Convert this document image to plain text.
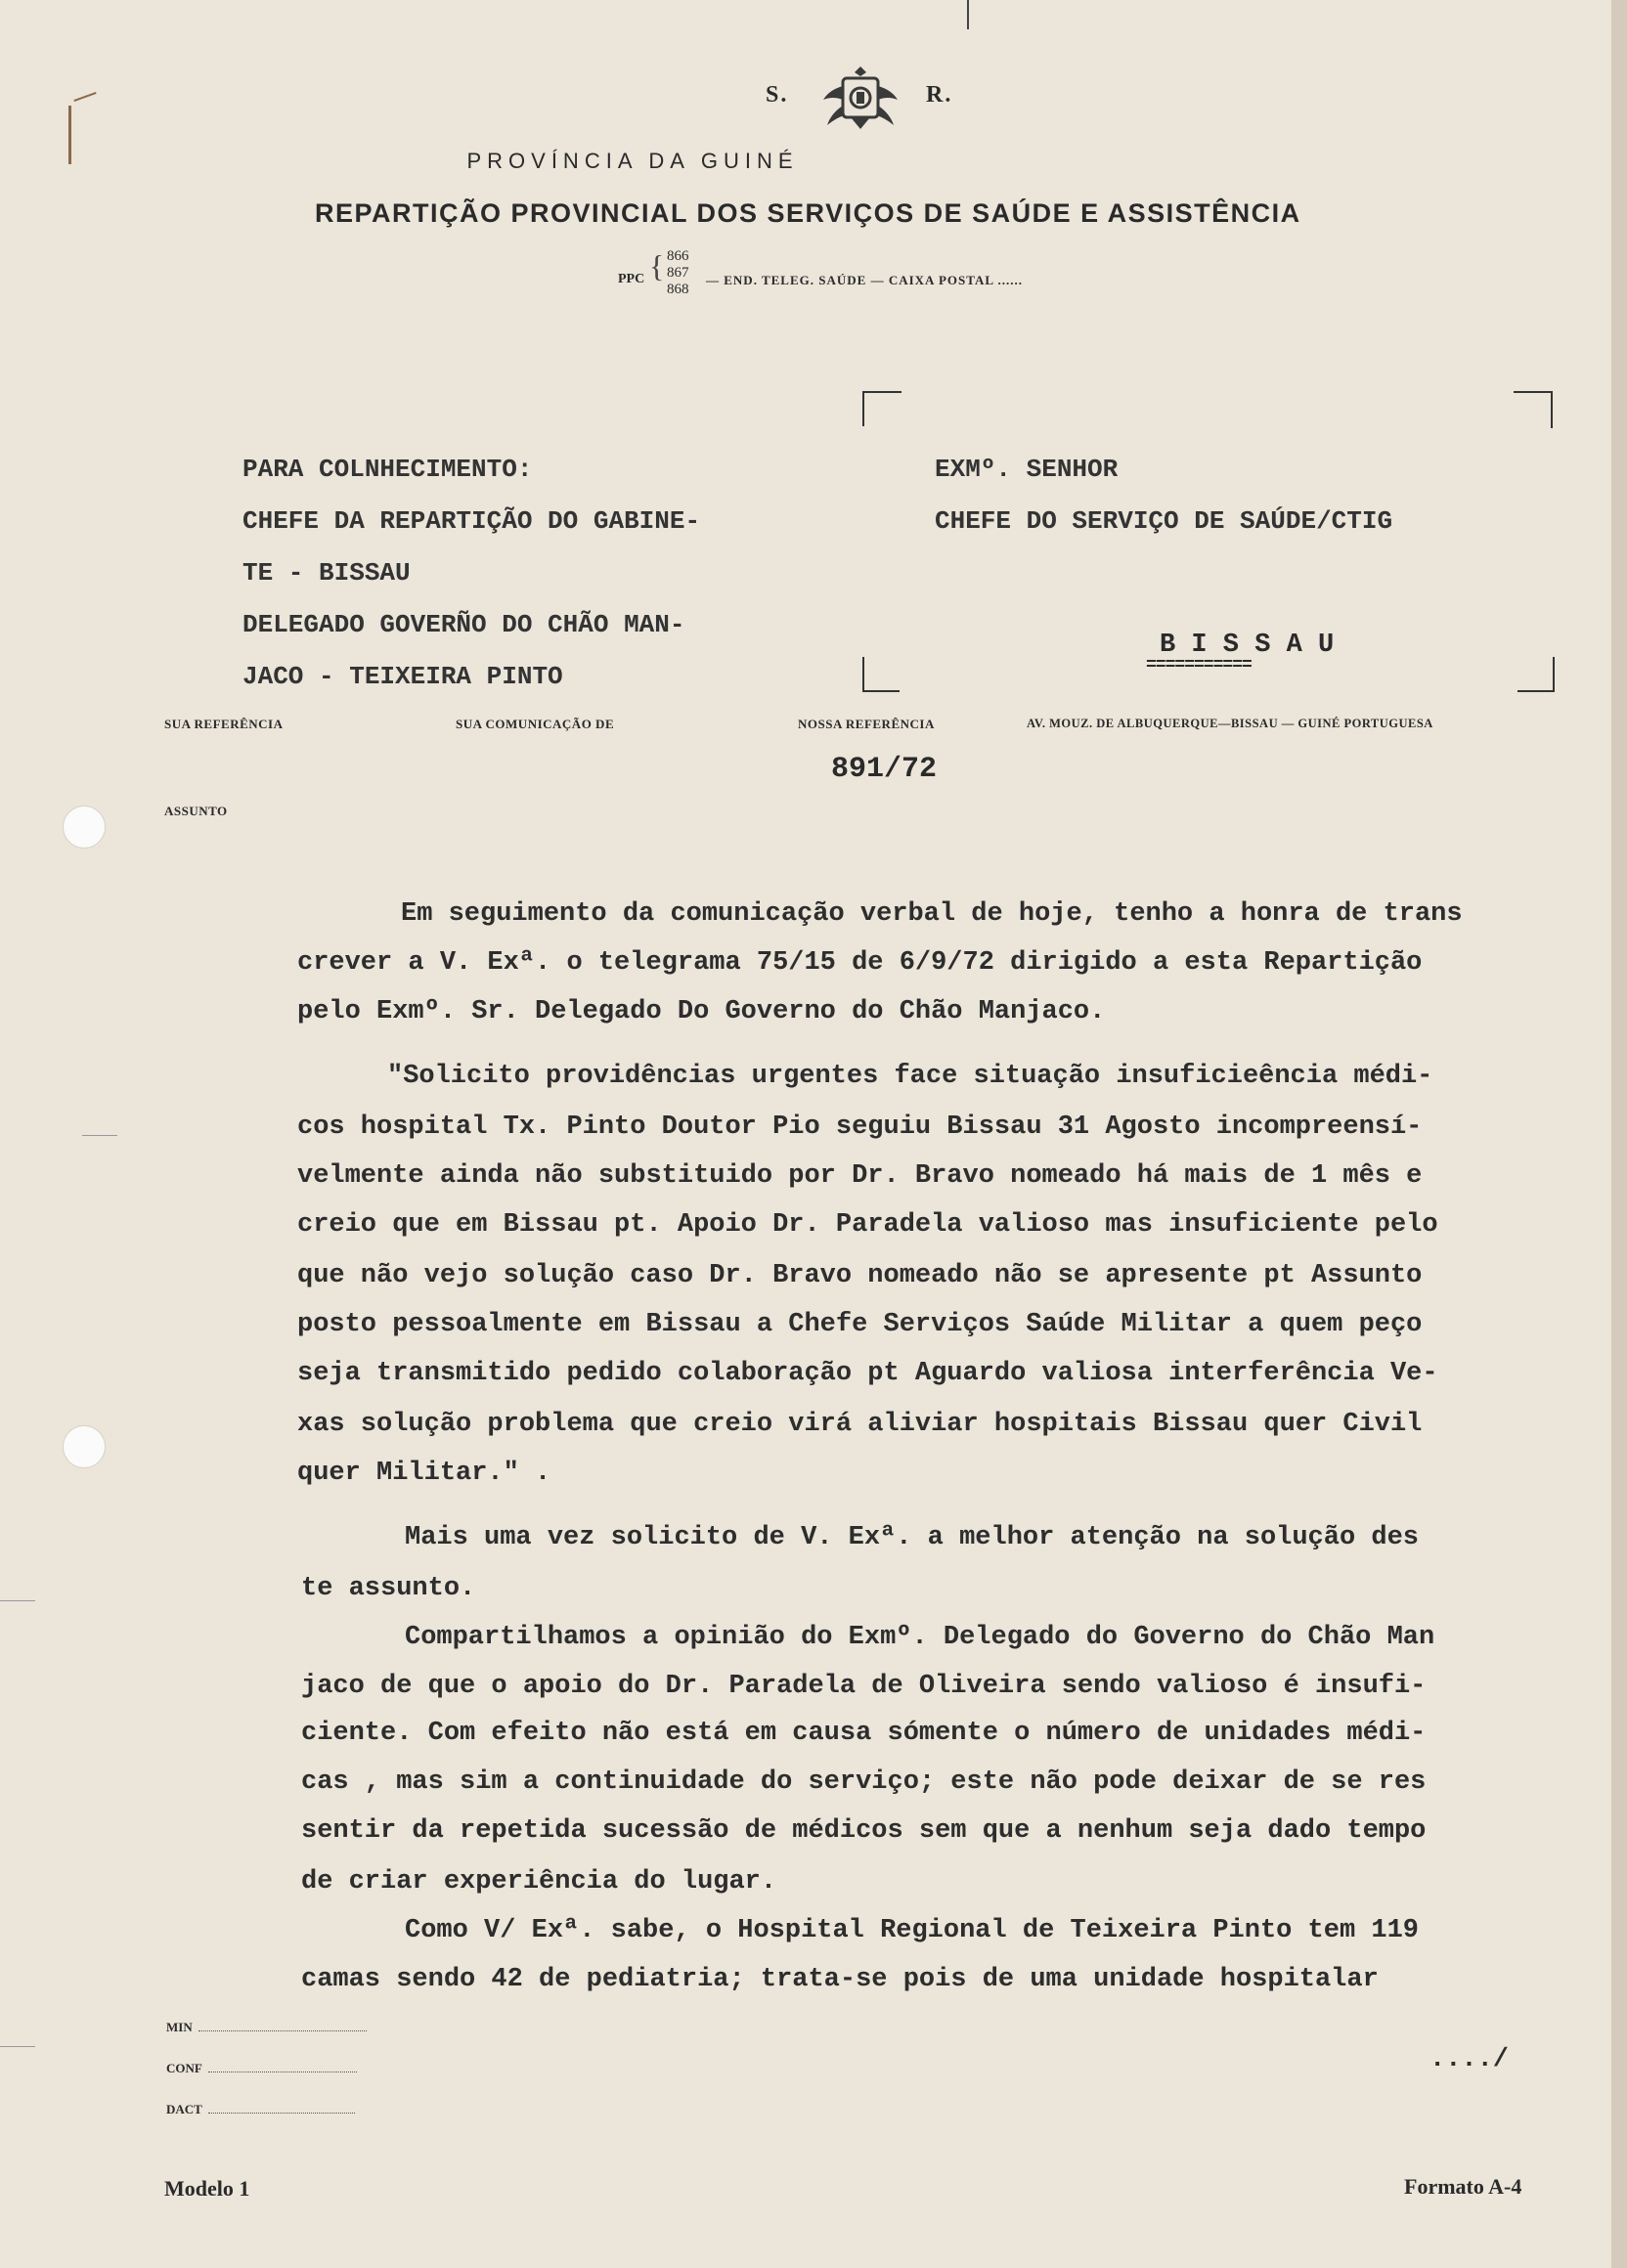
S.	R.
PROVÍNCIA DA GUINÉ
REPARTIÇÃO PROVINCIAL DOS SERVIÇOS DE SAÚDE E ASSISTÊNCIA
PPC { 866
867
868
— END. TELEG. SAÚDE — CAIXA POSTAL ......
PARA COLNHECIMENTO:
CHEFE DA REPARTIÇÃO DO GABINE-
TE - BISSAU
DELEGADO GOVERÑO DO CHÃO MAN-
JACO - TEIXEIRA PINTO
EXMº. SENHOR
CHEFE DO SERVIÇO DE SAÚDE/CTIG
B I S S A U
===========
SUA REFERÊNCIA	SUA COMUNICAÇÃO DE	NOSSA REFERÊNCIA	AV. MOUZ. DE ALBUQUERQUE—BISSAU — GUINÉ PORTUGUESA
891/72
ASSUNTO
Em seguimento da comunicação verbal de hoje, tenho a honra de trans
crever a V. Exª. o telegrama 75/15 de 6/9/72 dirigido a esta Repartição
pelo Exmº. Sr. Delegado Do Governo do Chão Manjaco.
"Solicito providências urgentes face situação insuficieência médi-
cos hospital Tx. Pinto Doutor Pio seguiu Bissau 31 Agosto incompreensí-
velmente ainda não substituido por Dr. Bravo nomeado há mais de 1 mês e
creio que em Bissau pt. Apoio Dr. Paradela valioso mas insuficiente pelo
que não vejo solução caso Dr. Bravo nomeado não se apresente pt Assunto
posto pessoalmente em Bissau a Chefe Serviços Saúde Militar a quem peço
seja transmitido pedido colaboração pt Aguardo valiosa interferência Ve-
xas solução problema que creio virá aliviar hospitais Bissau quer Civil
quer Militar." .
Mais uma vez solicito de V. Exª. a melhor atenção na solução des
te assunto.
Compartilhamos a opinião do Exmº. Delegado do Governo do Chão Man
jaco de que o apoio do Dr. Paradela de Oliveira sendo valioso é insufi-
ciente. Com efeito não está em causa sómente o número de unidades médi-
cas , mas sim a continuidade do serviço; este não pode deixar de se res
sentir da repetida sucessão de médicos sem que a nenhum seja dado tempo
de criar experiência do lugar.
Como V/ Exª. sabe, o Hospital Regional de Teixeira Pinto tem 119
camas sendo 42 de pediatria; trata-se pois de uma unidade hospitalar
..../
MIN
CONF
DACT
Modelo 1	Formato A-4
